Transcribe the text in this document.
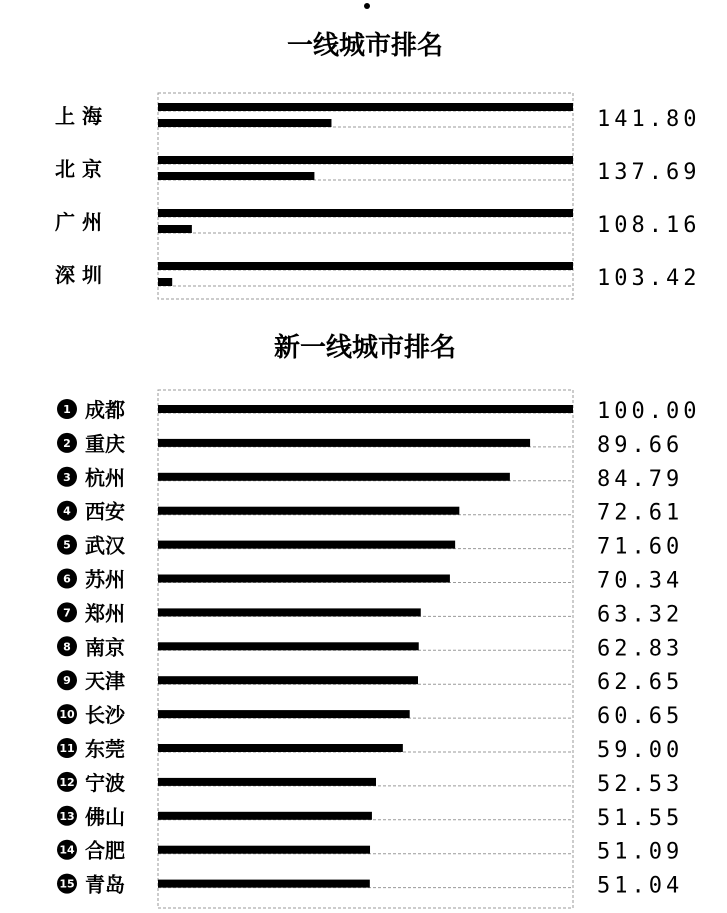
一线城市排名
上 海
北 京
广 州
深 圳
141.80
137.69
108.16
103.42
新一线城市排名
1
2
3
4
5
6
7
8
9
10
11
12
13
14
15
成都
重庆
杭州
西安
武汉
苏州
郑州
南京
天津
长沙
东莞
宁波
佛山
合肥
青岛
100.00
89.66
84.79
72.61
71.60
70.34
63.32
62.83
62.65
60.65
59.00
52.53
51.55
51.09
51.04
